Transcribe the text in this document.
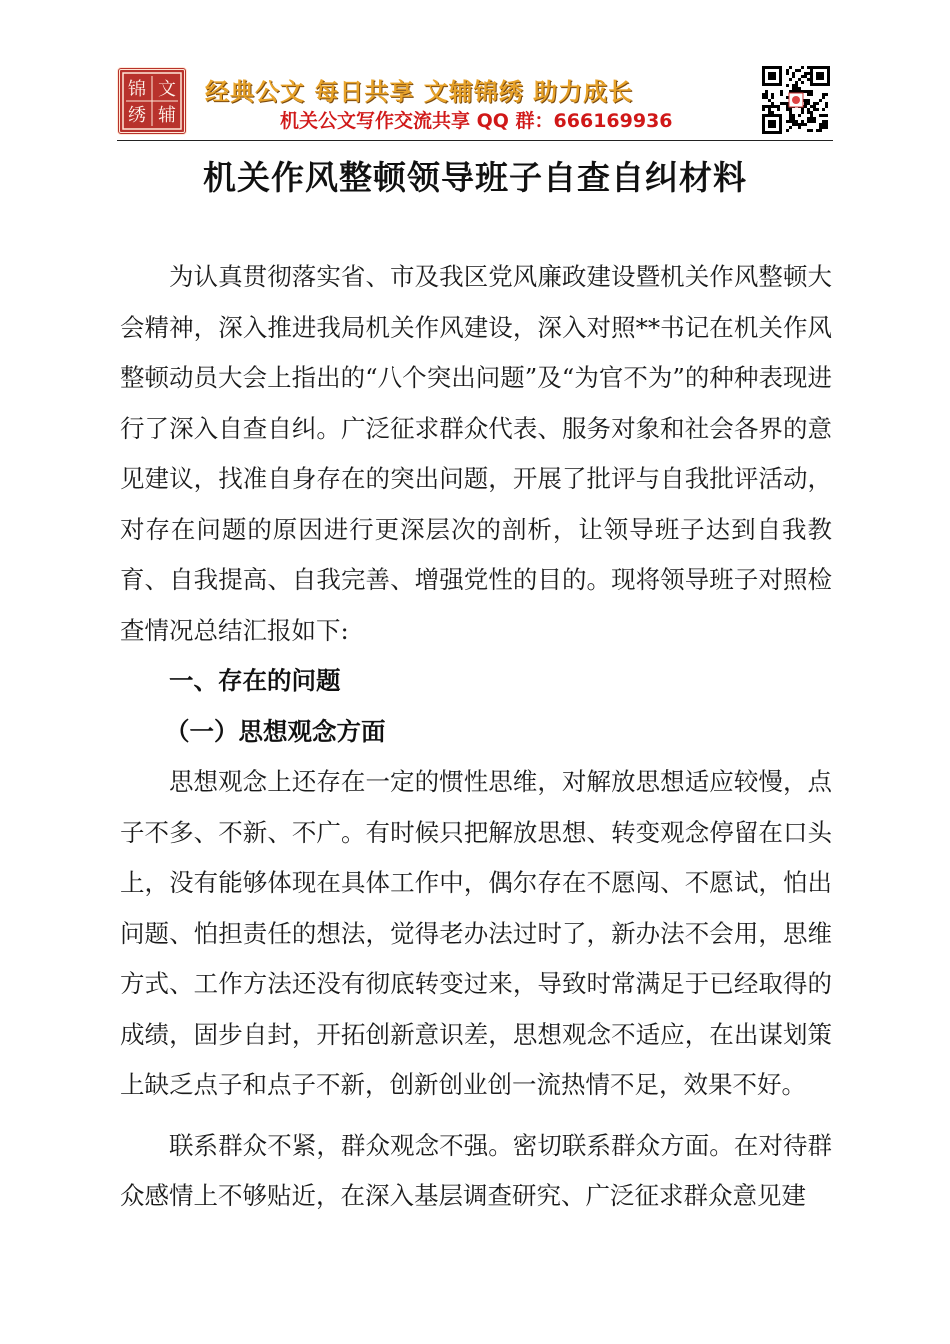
锦
绣
文
辅
经典公文 每日共享 文辅锦绣 助力成长
机关公文写作交流共享 QQ 群：666169936
机关作风整顿领导班子自查自纠材料

为认真贯彻落实省、市及我区党风廉政建设暨机关作风整顿大会精神，深入推进我局机关作风建设，深入对照**书记在机关作风整顿动员大会上指出的“八个突出问题”及“为官不为”的种种表现进行了深入自查自纠。广泛征求群众代表、服务对象和社会各界的意见建议，找准自身存在的突出问题，开展了批评与自我批评活动，对存在问题的原因进行更深层次的剖析，让领导班子达到自我教育、自我提高、自我完善、增强党性的目的。现将领导班子对照检查情况总结汇报如下:

一、存在的问题
（一）思想观念方面

思想观念上还存在一定的惯性思维，对解放思想适应较慢，点子不多、不新、不广。有时候只把解放思想、转变观念停留在口头上，没有能够体现在具体工作中，偶尔存在不愿闯、不愿试，怕出问题、怕担责任的想法，觉得老办法过时了，新办法不会用，思维方式、工作方法还没有彻底转变过来，导致时常满足于已经取得的成绩，固步自封，开拓创新意识差，思想观念不适应，在出谋划策上缺乏点子和点子不新，创新创业创一流热情不足，效果不好。

联系群众不紧，群众观念不强。密切联系群众方面。在对待群众感情上不够贴近，在深入基层调查研究、广泛征求群众意见建
